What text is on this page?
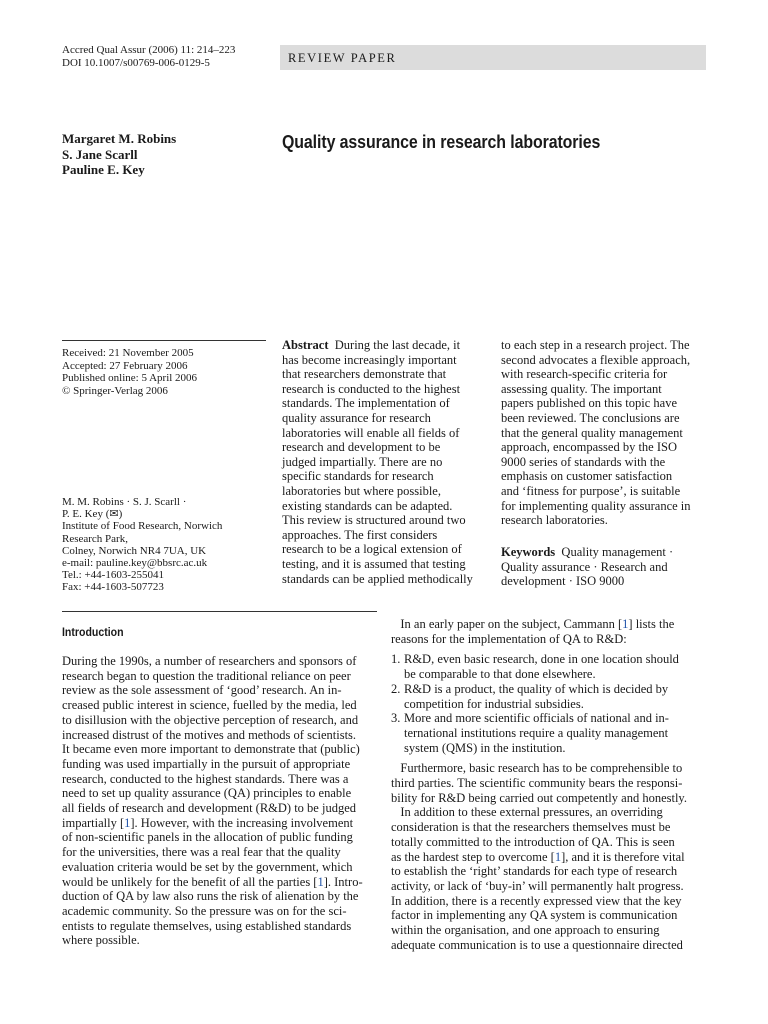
Accred Qual Assur (2006) 11: 214–223
DOI 10.1007/s00769-006-0129-5	REVIEW PAPER
Margaret M. Robins
S. Jane Scarll
Pauline E. Key
Quality assurance in research laboratories
Received: 21 November 2005
Accepted: 27 February 2006
Published online: 5 April 2006
© Springer-Verlag 2006
M. M. Robins · S. J. Scarll ·
P. E. Key (✉)
Institute of Food Research, Norwich
Research Park,
Colney, Norwich NR4 7UA, UK
e-mail: pauline.key@bbsrc.ac.uk
Tel.: +44-1603-255041
Fax: +44-1603-507723
Abstract During the last decade, it
has become increasingly important
that researchers demonstrate that
research is conducted to the highest
standards. The implementation of
quality assurance for research
laboratories will enable all fields of
research and development to be
judged impartially. There are no
specific standards for research
laboratories but where possible,
existing standards can be adapted.
This review is structured around two
approaches. The first considers
research to be a logical extension of
testing, and it is assumed that testing
standards can be applied methodically
to each step in a research project. The
second advocates a flexible approach,
with research-specific criteria for
assessing quality. The important
papers published on this topic have
been reviewed. The conclusions are
that the general quality management
approach, encompassed by the ISO
9000 series of standards with the
emphasis on customer satisfaction
and ‘fitness for purpose’, is suitable
for implementing quality assurance in
research laboratories.
Keywords Quality management ·
Quality assurance · Research and
development · ISO 9000
Introduction
During the 1990s, a number of researchers and sponsors of
research began to question the traditional reliance on peer
review as the sole assessment of ‘good’ research. An in-
creased public interest in science, fuelled by the media, led
to disillusion with the objective perception of research, and
increased distrust of the motives and methods of scientists.
It became even more important to demonstrate that (public)
funding was used impartially in the pursuit of appropriate
research, conducted to the highest standards. There was a
need to set up quality assurance (QA) principles to enable
all fields of research and development (R&D) to be judged
impartially [1]. However, with the increasing involvement
of non-scientific panels in the allocation of public funding
for the universities, there was a real fear that the quality
evaluation criteria would be set by the government, which
would be unlikely for the benefit of all the parties [1]. Intro-
duction of QA by law also runs the risk of alienation by the
academic community. So the pressure was on for the sci-
entists to regulate themselves, using established standards
where possible.
In an early paper on the subject, Cammann [1] lists the
reasons for the implementation of QA to R&D:
1. R&D, even basic research, done in one location should
be comparable to that done elsewhere.
2. R&D is a product, the quality of which is decided by
competition for industrial subsidies.
3. More and more scientific officials of national and in-
ternational institutions require a quality management
system (QMS) in the institution.
Furthermore, basic research has to be comprehensible to
third parties. The scientific community bears the responsi-
bility for R&D being carried out competently and honestly.
In addition to these external pressures, an overriding
consideration is that the researchers themselves must be
totally committed to the introduction of QA. This is seen
as the hardest step to overcome [1], and it is therefore vital
to establish the ‘right’ standards for each type of research
activity, or lack of ‘buy-in’ will permanently halt progress.
In addition, there is a recently expressed view that the key
factor in implementing any QA system is communication
within the organisation, and one approach to ensuring
adequate communication is to use a questionnaire directed
